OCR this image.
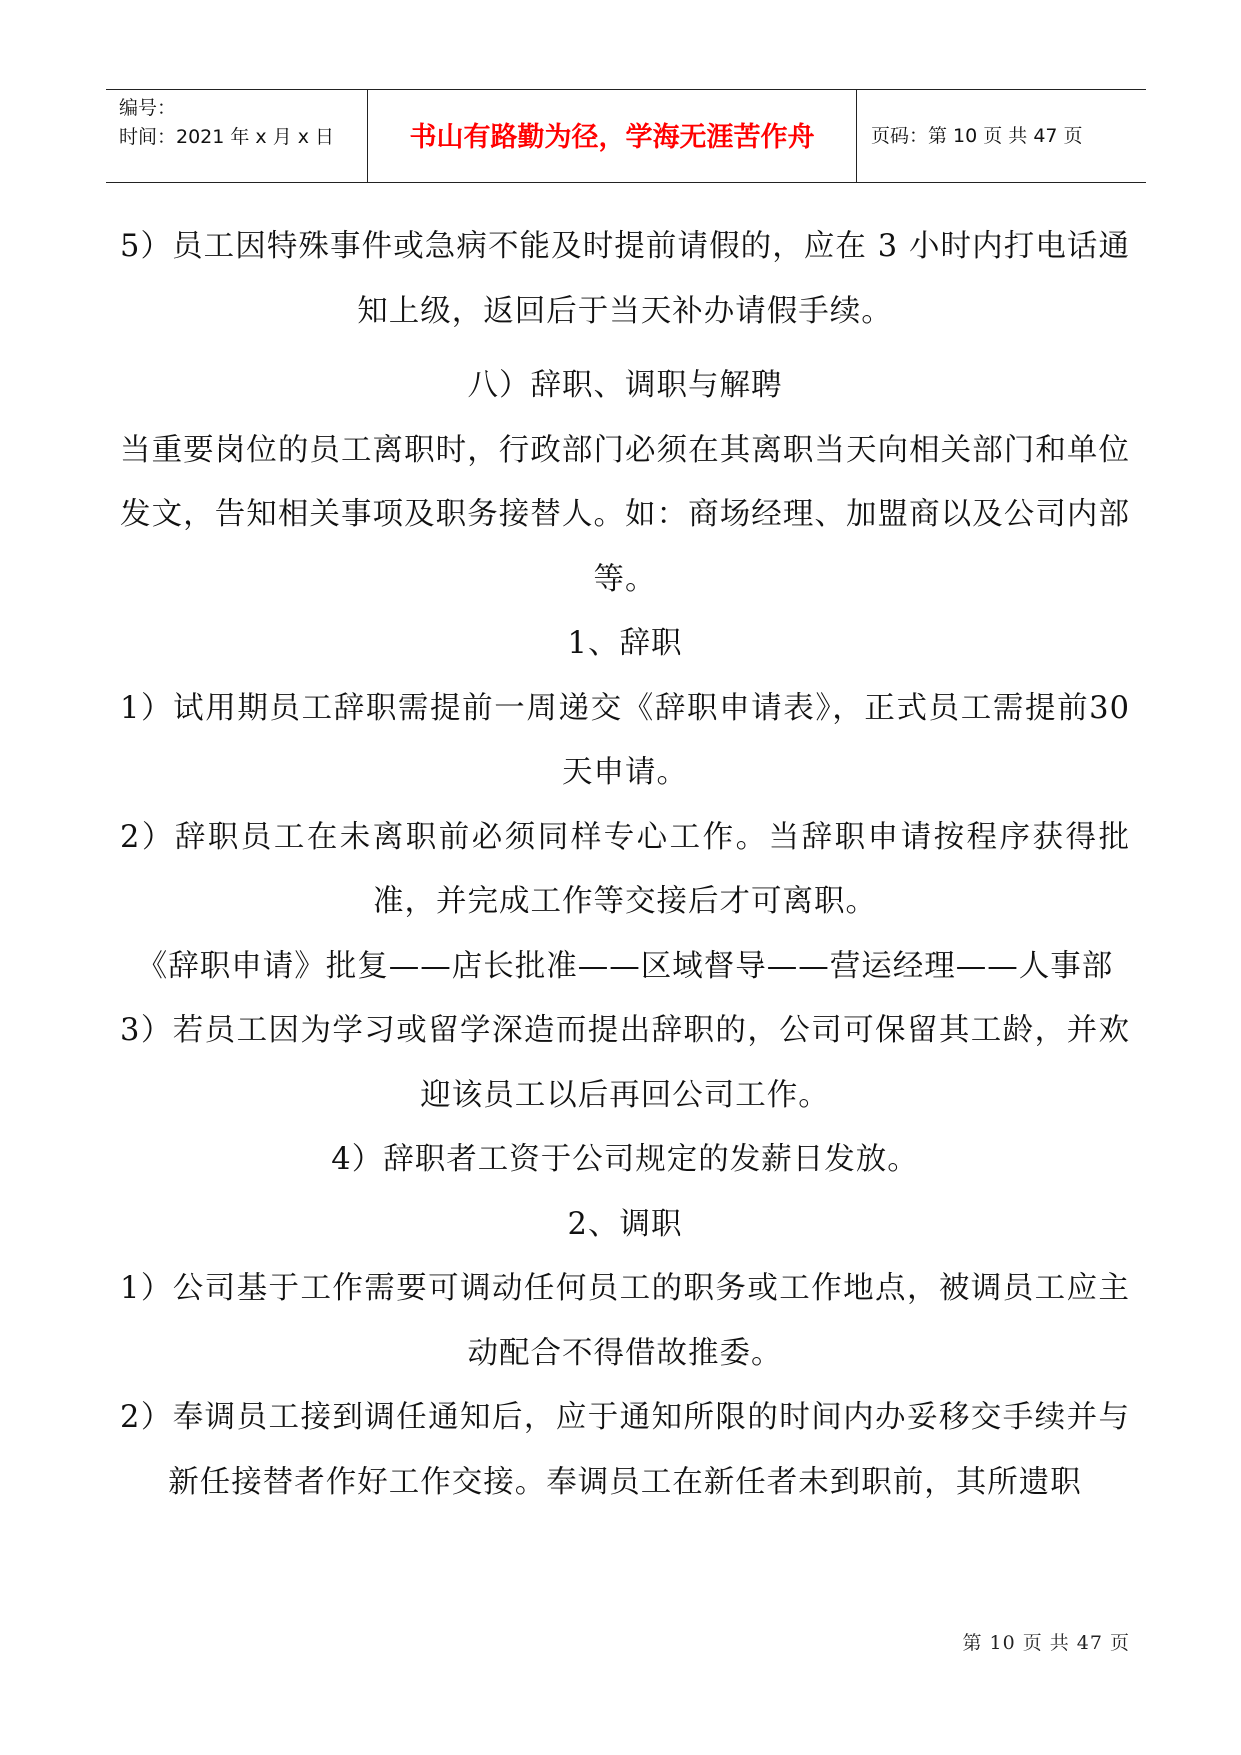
编号：
时间：2021 年 x 月 x 日	书山有路勤为径，学海无涯苦作舟	页码：第 10 页 共 47 页

5）员工因特殊事件或急病不能及时提前请假的，应在 3 小时内打电话通知上级，返回后于当天补办请假手续。

八）辞职、调职与解聘

当重要岗位的员工离职时，行政部门必须在其离职当天向相关部门和单位发文，告知相关事项及职务接替人。如：商场经理、加盟商以及公司内部等。

1、辞职

1）试用期员工辞职需提前一周递交《辞职申请表》，正式员工需提前30 天申请。

2）辞职员工在未离职前必须同样专心工作。当辞职申请按程序获得批准，并完成工作等交接后才可离职。

《辞职申请》批复——店长批准——区域督导——营运经理——人事部

3）若员工因为学习或留学深造而提出辞职的，公司可保留其工龄，并欢迎该员工以后再回公司工作。

4）辞职者工资于公司规定的发薪日发放。

2、调职

1）公司基于工作需要可调动任何员工的职务或工作地点，被调员工应主动配合不得借故推委。

2）奉调员工接到调任通知后，应于通知所限的时间内办妥移交手续并与新任接替者作好工作交接。奉调员工在新任者未到职前，其所遗职

第 10 页 共 47 页
